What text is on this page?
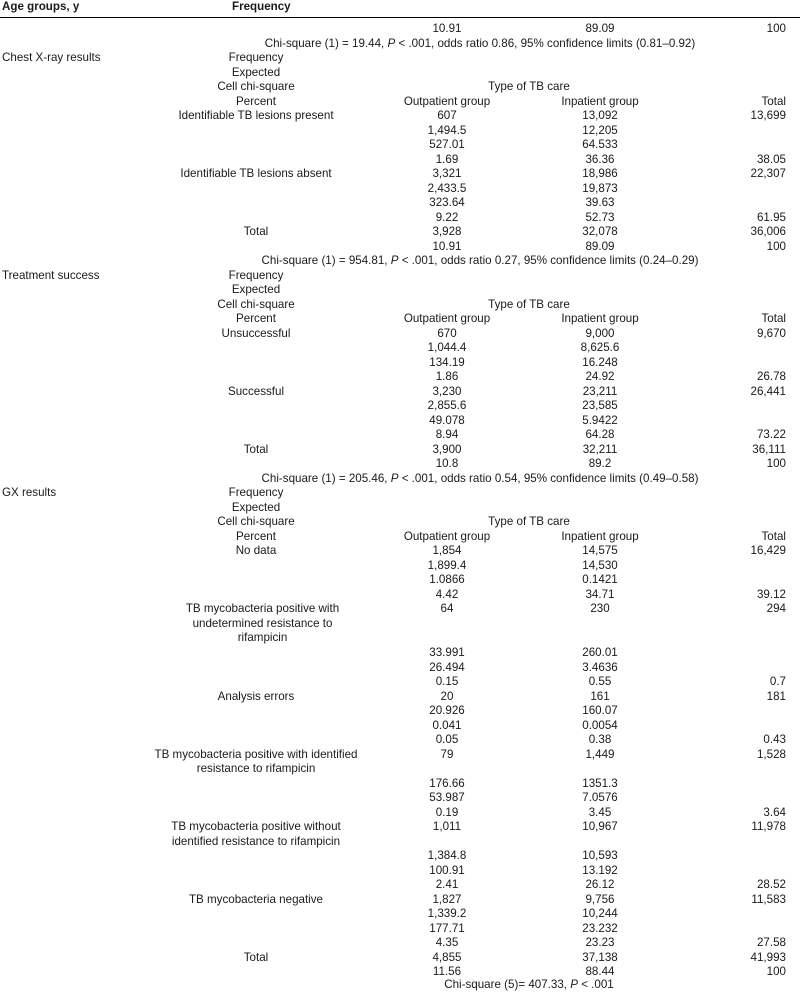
Age groups, y	Frequency
10.91	89.09	100
Chi-square (1) = 19.44, P < .001, odds ratio 0.86, 95% confidence limits (0.81–0.92)
Chest X-ray results	Frequency
Expected
Cell chi-square	Type of TB care
Percent	Outpatient group	Inpatient group	Total
Identifiable TB lesions present	607	13,092	13,699
1,494.5	12,205
527.01	64.533
1.69	36.36	38.05
Identifiable TB lesions absent	3,321	18,986	22,307
2,433.5	19,873
323.64	39.63
9.22	52.73	61.95
Total	3,928	32,078	36,006
10.91	89.09	100
Chi-square (1) = 954.81, P < .001, odds ratio 0.27, 95% confidence limits (0.24–0.29)
Treatment success	Frequency
Expected
Cell chi-square	Type of TB care
Percent	Outpatient group	Inpatient group	Total
Unsuccessful	670	9,000	9,670
1,044.4	8,625.6
134.19	16.248
1.86	24.92	26.78
Successful	3,230	23,211	26,441
2,855.6	23,585
49.078	5.9422
8.94	64.28	73.22
Total	3,900	32,211	36,111
10.8	89.2	100
Chi-square (1) = 205.46, P < .001, odds ratio 0.54, 95% confidence limits (0.49–0.58)
GX results	Frequency
Expected
Cell chi-square	Type of TB care
Percent	Outpatient group	Inpatient group	Total
No data	1,854	14,575	16,429
1,899.4	14,530
1.0866	0.1421
4.42	34.71	39.12
TB mycobacteria positive with undetermined resistance to rifampicin
64	230	294
33.991	260.01
26.494	3.4636
0.15	0.55	0.7
Analysis errors	20	161	181
20.926	160.07
0.041	0.0054
0.05	0.38	0.43
TB mycobacteria positive with identified resistance to rifampicin
79	1,449	1,528
176.66	1351.3
53.987	7.0576
0.19	3.45	3.64
TB mycobacteria positive without identified resistance to rifampicin
1,011	10,967	11,978
1,384.8	10,593
100.91	13.192
2.41	26.12	28.52
TB mycobacteria negative	1,827	9,756	11,583
1,339.2	10,244
177.71	23.232
4.35	23.23	27.58
Total	4,855	37,138	41,993
11.56	88.44	100
Chi-square (5)= 407.33, P < .001
